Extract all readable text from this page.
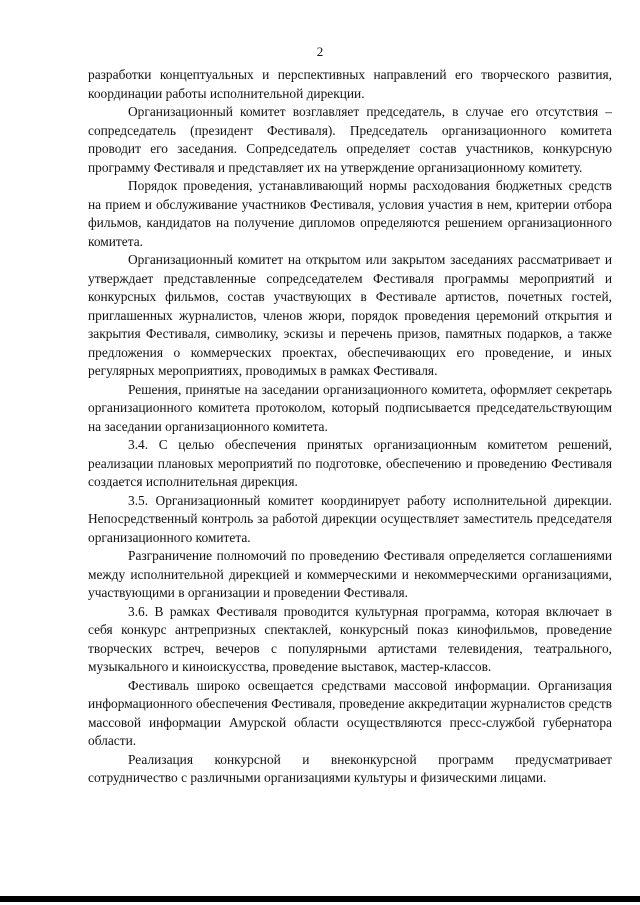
2

разработки концептуальных и перспективных направлений его творческого развития, координации работы исполнительной дирекции.

Организационный комитет возглавляет председатель, в случае его отсутствия – сопредседатель (президент Фестиваля). Председатель организационного комитета проводит его заседания. Сопредседатель определяет состав участников, конкурсную программу Фестиваля и представляет их на утверждение организационному комитету.

Порядок проведения, устанавливающий нормы расходования бюджетных средств на прием и обслуживание участников Фестиваля, условия участия в нем, критерии отбора фильмов, кандидатов на получение дипломов определяются решением организационного комитета.

Организационный комитет на открытом или закрытом заседаниях рассматривает и утверждает представленные сопредседателем Фестиваля программы мероприятий и конкурсных фильмов, состав участвующих в Фестивале артистов, почетных гостей, приглашенных журналистов, членов жюри, порядок проведения церемоний открытия и закрытия Фестиваля, символику, эскизы и перечень призов, памятных подарков, а также предложения о коммерческих проектах, обеспечивающих его проведение, и иных регулярных мероприятиях, проводимых в рамках Фестиваля.

Решения, принятые на заседании организационного комитета, оформляет секретарь организационного комитета протоколом, который подписывается председательствующим на заседании организационного комитета.

3.4. С целью обеспечения принятых организационным комитетом решений, реализации плановых мероприятий по подготовке, обеспечению и проведению Фестиваля создается исполнительная дирекция.

3.5. Организационный комитет координирует работу исполнительной дирекции. Непосредственный контроль за работой дирекции осуществляет заместитель председателя организационного комитета.

Разграничение полномочий по проведению Фестиваля определяется соглашениями между исполнительной дирекцией и коммерческими и некоммерческими организациями, участвующими в организации и проведении Фестиваля.

3.6. В рамках Фестиваля проводится культурная программа, которая включает в себя конкурс антрепризных спектаклей, конкурсный показ кинофильмов, проведение творческих встреч, вечеров с популярными артистами телевидения, театрального, музыкального и киноискусства, проведение выставок, мастер-классов.

Фестиваль широко освещается средствами массовой информации. Организация информационного обеспечения Фестиваля, проведение аккредитации журналистов средств массовой информации Амурской области осуществляются пресс-службой губернатора области.

Реализация конкурсной и внеконкурсной программ предусматривает сотрудничество с различными организациями культуры и физическими лицами.
